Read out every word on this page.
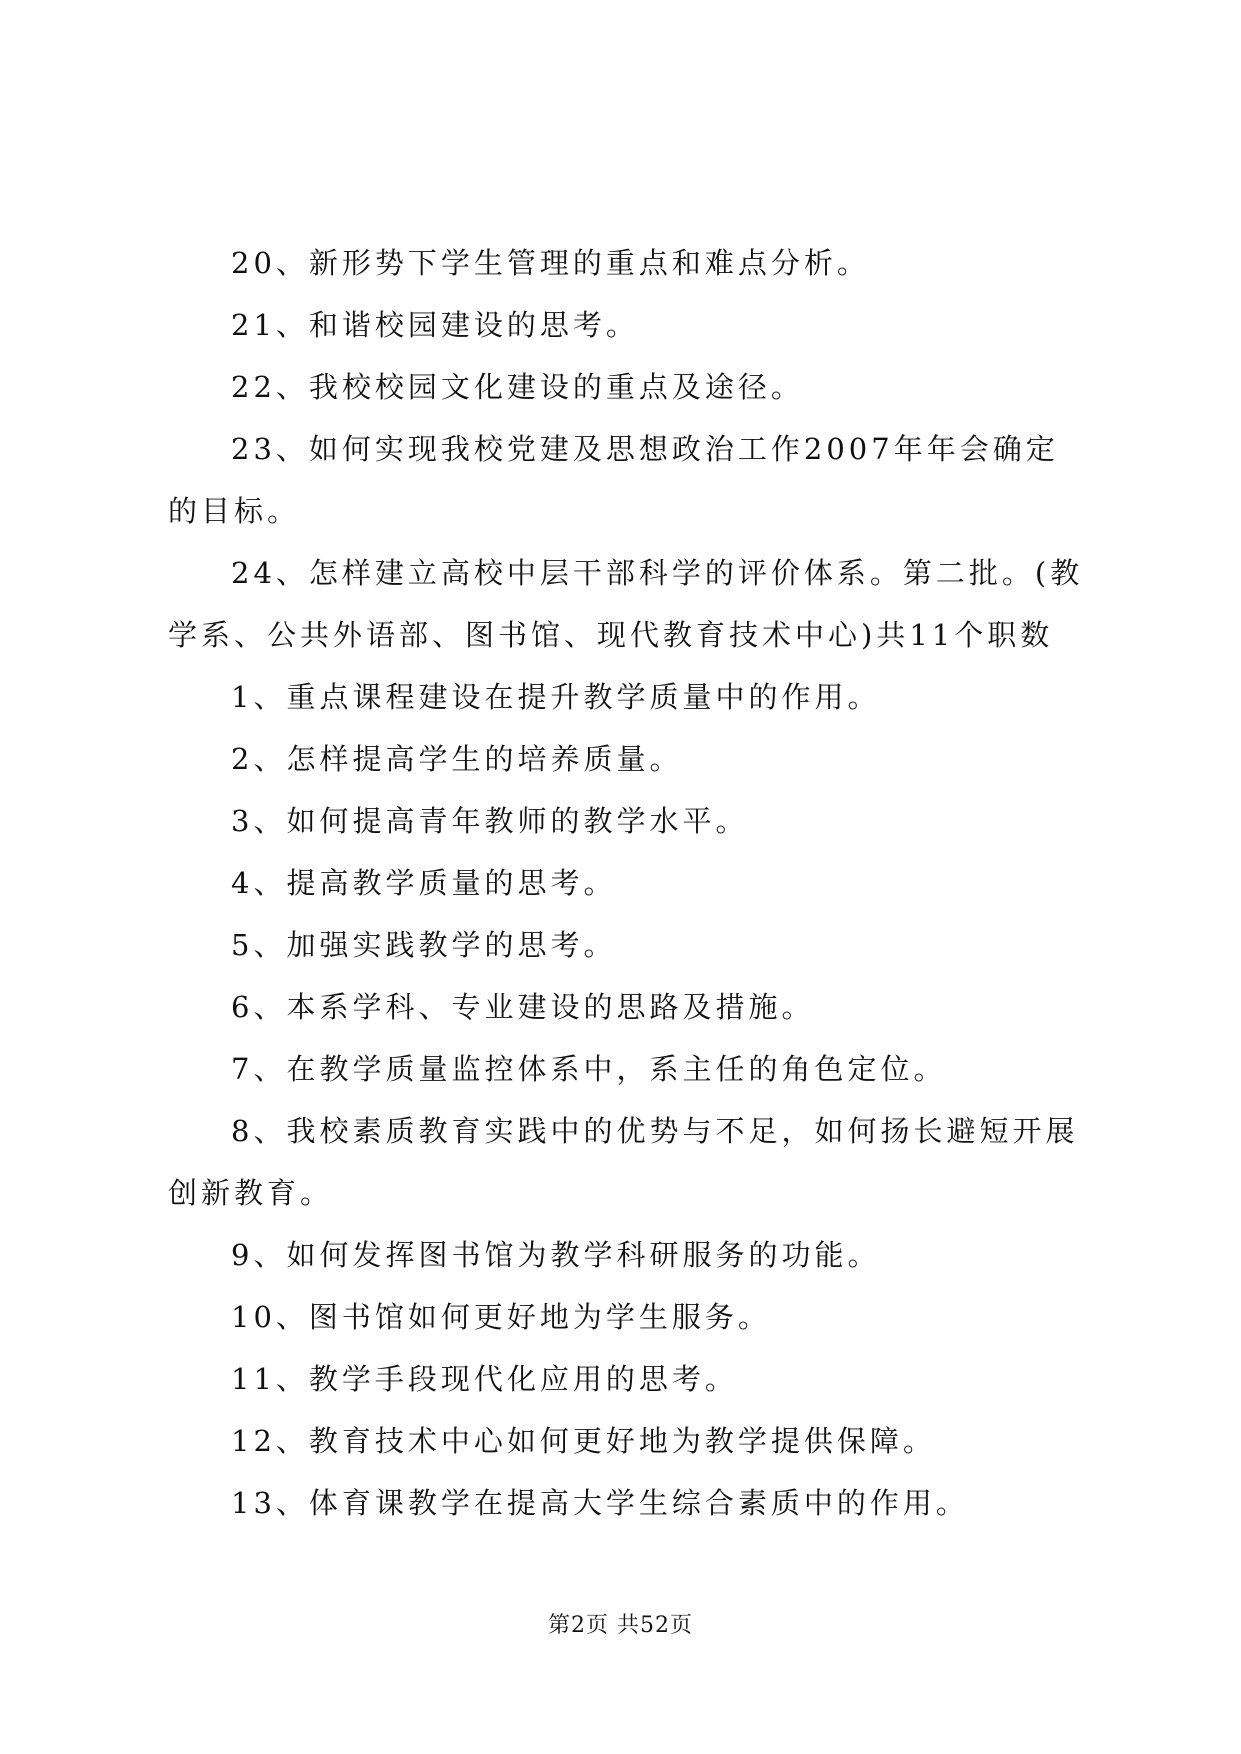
20、新形势下学生管理的重点和难点分析。

21、和谐校园建设的思考。

22、我校校园文化建设的重点及途径。

23、如何实现我校党建及思想政治工作2007年年会确定的目标。

24、怎样建立高校中层干部科学的评价体系。第二批。(教学系、公共外语部、图书馆、现代教育技术中心)共11个职数

1、重点课程建设在提升教学质量中的作用。

2、怎样提高学生的培养质量。

3、如何提高青年教师的教学水平。

4、提高教学质量的思考。

5、加强实践教学的思考。

6、本系学科、专业建设的思路及措施。

7、在教学质量监控体系中，系主任的角色定位。

8、我校素质教育实践中的优势与不足，如何扬长避短开展创新教育。

9、如何发挥图书馆为教学科研服务的功能。

10、图书馆如何更好地为学生服务。

11、教学手段现代化应用的思考。

12、教育技术中心如何更好地为教学提供保障。

13、体育课教学在提高大学生综合素质中的作用。

第2页 共52页
